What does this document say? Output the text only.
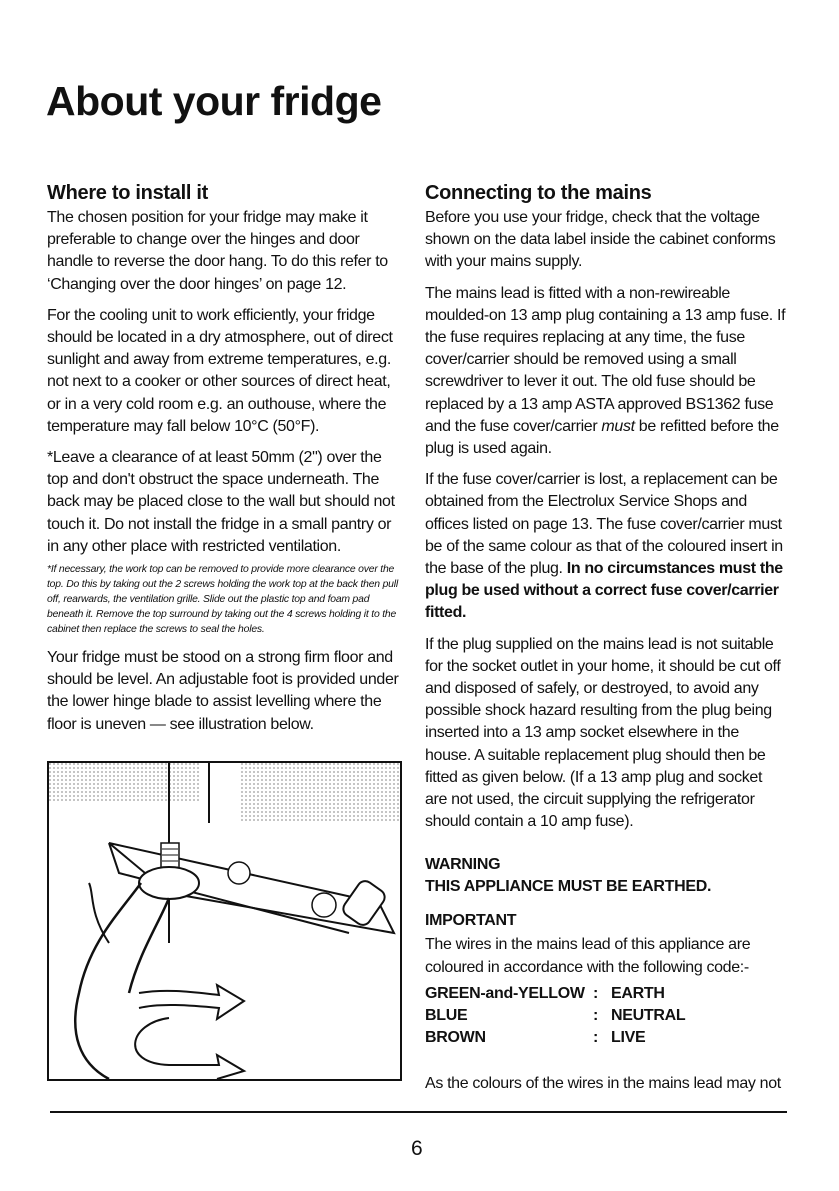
About your fridge
Where to install it

The chosen position for your fridge may make it preferable to change over the hinges and door handle to reverse the door hang. To do this refer to ‘Changing over the door hinges’ on page 12.

For the cooling unit to work efficiently, your fridge should be located in a dry atmosphere, out of direct sunlight and away from extreme temperatures, e.g. not next to a cooker or other sources of direct heat, or in a very cold room e.g. an outhouse, where the temperature may fall below 10°C (50°F).

*Leave a clearance of at least 50mm (2") over the top and don't obstruct the space underneath. The back may be placed close to the wall but should not touch it. Do not install the fridge in a small pantry or in any other place with restricted ventilation.

*If necessary, the work top can be removed to provide more clearance over the top. Do this by taking out the 2 screws holding the work top at the back then pull off, rearwards, the ventilation grille. Slide out the plastic top and foam pad beneath it. Remove the top surround by taking out the 4 screws holding it to the cabinet then replace the screws to seal the holes.

Your fridge must be stood on a strong firm floor and should be level. An adjustable foot is provided under the lower hinge blade to assist levelling where the floor is uneven — see illustration below.

Connecting to the mains

Before you use your fridge, check that the voltage shown on the data label inside the cabinet conforms with your mains supply.

The mains lead is fitted with a non-rewireable moulded-on 13 amp plug containing a 13 amp fuse. If the fuse requires replacing at any time, the fuse cover/carrier should be removed using a small screwdriver to lever it out. The old fuse should be replaced by a 13 amp ASTA approved BS1362 fuse and the fuse cover/carrier must be refitted before the plug is used again.

If the fuse cover/carrier is lost, a replacement can be obtained from the Electrolux Service Shops and offices listed on page 13. The fuse cover/carrier must be of the same colour as that of the coloured insert in the base of the plug. In no circumstances must the plug be used without a correct fuse cover/carrier fitted.

If the plug supplied on the mains lead is not suitable for the socket outlet in your home, it should be cut off and disposed of safely, or destroyed, to avoid any possible shock hazard resulting from the plug being inserted into a 13 amp socket elsewhere in the house. A suitable replacement plug should then be fitted as given below. (If a 13 amp plug and socket are not used, the circuit supplying the refrigerator should contain a 10 amp fuse).

WARNING

THIS APPLIANCE MUST BE EARTHED.

IMPORTANT

The wires in the mains lead of this appliance are coloured in accordance with the following code:-

GREEN-and-YELLOW : EARTH
BLUE	: NEUTRAL
BROWN	: LIVE

As the colours of the wires in the mains lead may not

6
